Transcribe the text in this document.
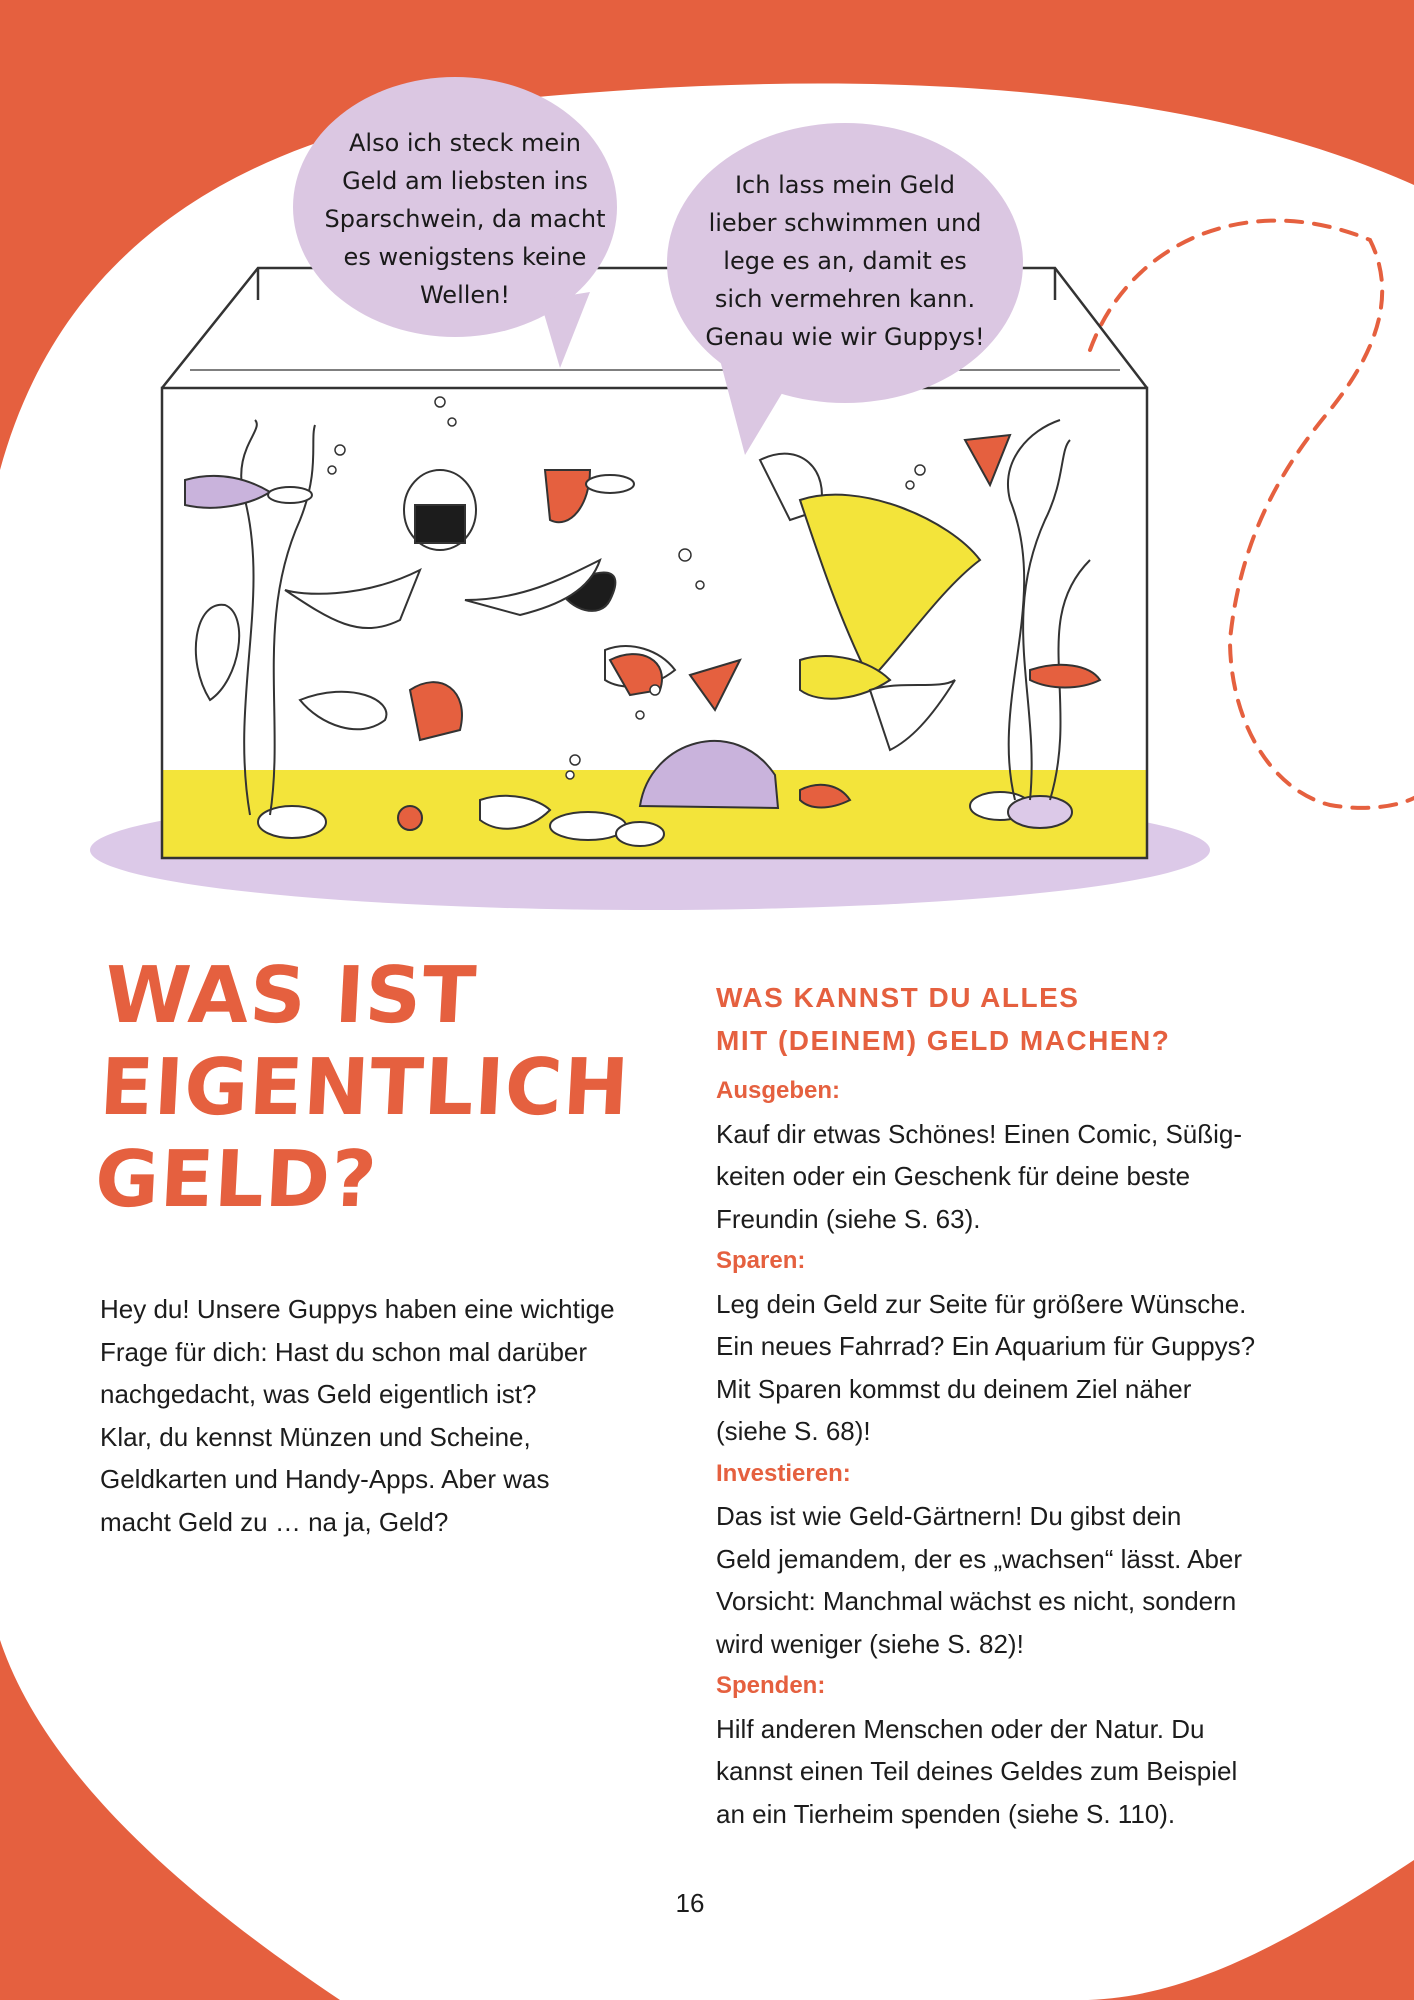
Also ich steck mein
Geld am liebsten ins
Sparschwein, da macht
es wenigstens keine
Wellen!
Ich lass mein Geld
lieber schwimmen und
lege es an, damit es
sich vermehren kann.
Genau wie wir Guppys!
WAS IST
EIGENTLICH
GELD?
Hey du! Unsere Guppys haben eine wichtige
Frage für dich: Hast du schon mal darüber
nachgedacht, was Geld eigentlich ist?
Klar, du kennst Münzen und Scheine,
Geldkarten und Handy-Apps. Aber was
macht Geld zu … na ja, Geld?
WAS KANNST DU ALLES
MIT (DEINEM) GELD MACHEN?
Ausgeben:
Kauf dir etwas Schönes! Einen Comic, Süßig-
keiten oder ein Geschenk für deine beste
Freundin (siehe S. 63).
Sparen:
Leg dein Geld zur Seite für größere Wünsche.
Ein neues Fahrrad? Ein Aquarium für Guppys?
Mit Sparen kommst du deinem Ziel näher
(siehe S. 68)!
Investieren:
Das ist wie Geld-Gärtnern! Du gibst dein
Geld jemandem, der es „wachsen“ lässt. Aber
Vorsicht: Manchmal wächst es nicht, sondern
wird weniger (siehe S. 82)!
Spenden:
Hilf anderen Menschen oder der Natur. Du
kannst einen Teil deines Geldes zum Beispiel
an ein Tierheim spenden (siehe S. 110).
16
